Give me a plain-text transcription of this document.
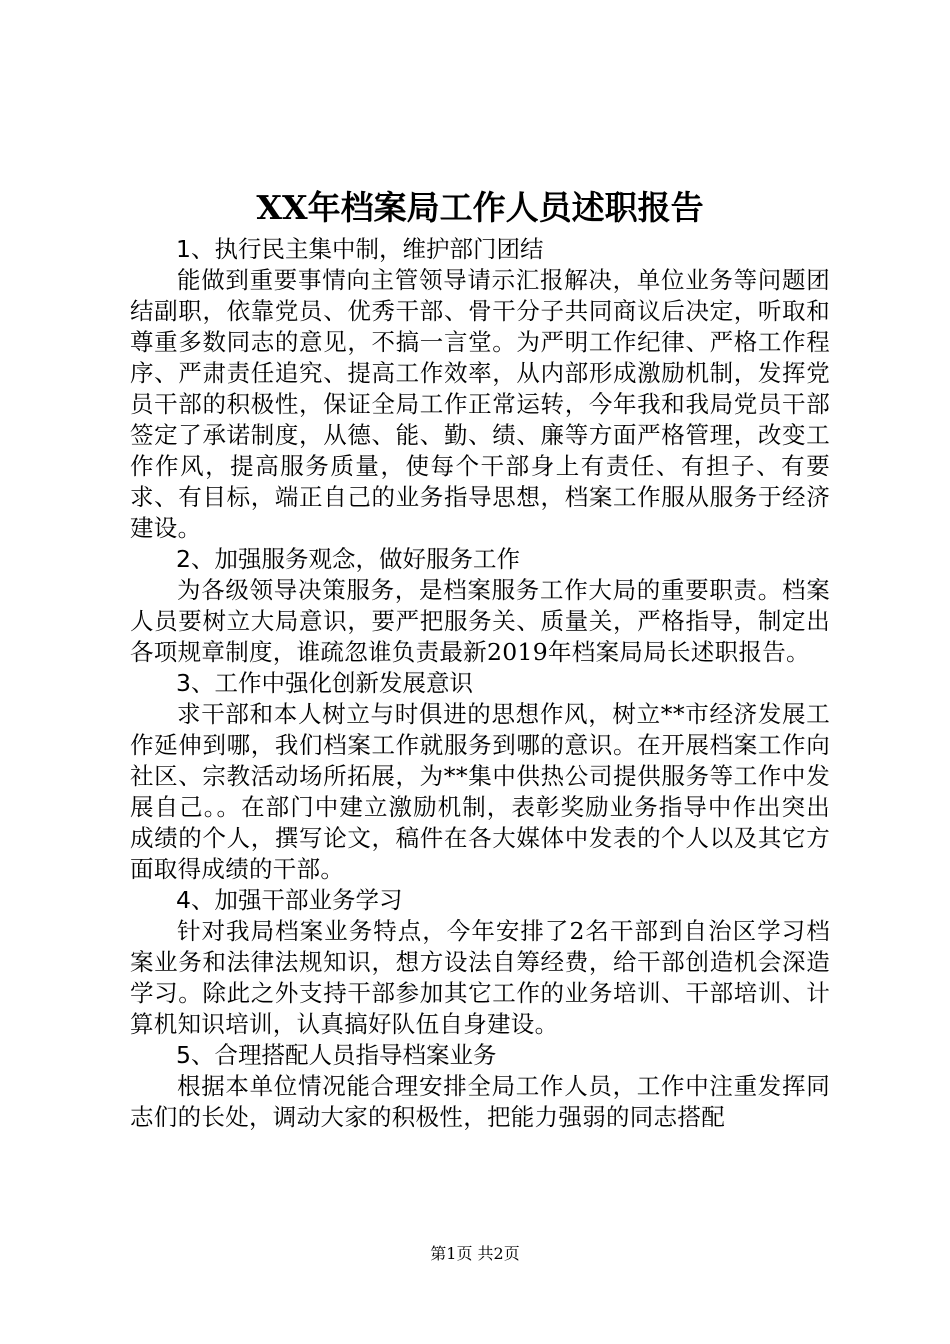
XX年档案局工作人员述职报告

1、执行民主集中制，维护部门团结

能做到重要事情向主管领导请示汇报解决，单位业务等问题团结副职，依靠党员、优秀干部、骨干分子共同商议后决定，听取和尊重多数同志的意见，不搞一言堂。为严明工作纪律、严格工作程序、严肃责任追究、提高工作效率，从内部形成激励机制，发挥党员干部的积极性，保证全局工作正常运转，今年我和我局党员干部签定了承诺制度，从德、能、勤、绩、廉等方面严格管理，改变工作作风，提高服务质量，使每个干部身上有责任、有担子、有要求、有目标，端正自己的业务指导思想，档案工作服从服务于经济建设。

2、加强服务观念，做好服务工作

为各级领导决策服务，是档案服务工作大局的重要职责。档案人员要树立大局意识，要严把服务关、质量关，严格指导，制定出各项规章制度，谁疏忽谁负责最新2019年档案局局长述职报告。

3、工作中强化创新发展意识

求干部和本人树立与时俱进的思想作风，树立**市经济发展工作延伸到哪，我们档案工作就服务到哪的意识。在开展档案工作向社区、宗教活动场所拓展，为**集中供热公司提供服务等工作中发展自己。。在部门中建立激励机制，表彰奖励业务指导中作出突出成绩的个人，撰写论文，稿件在各大媒体中发表的个人以及其它方面取得成绩的干部。

4、加强干部业务学习

针对我局档案业务特点，今年安排了2名干部到自治区学习档案业务和法律法规知识，想方设法自筹经费，给干部创造机会深造学习。除此之外支持干部参加其它工作的业务培训、干部培训、计算机知识培训，认真搞好队伍自身建设。

5、合理搭配人员指导档案业务

根据本单位情况能合理安排全局工作人员，工作中注重发挥同志们的长处，调动大家的积极性，把能力强弱的同志搭配

第1页 共2页
